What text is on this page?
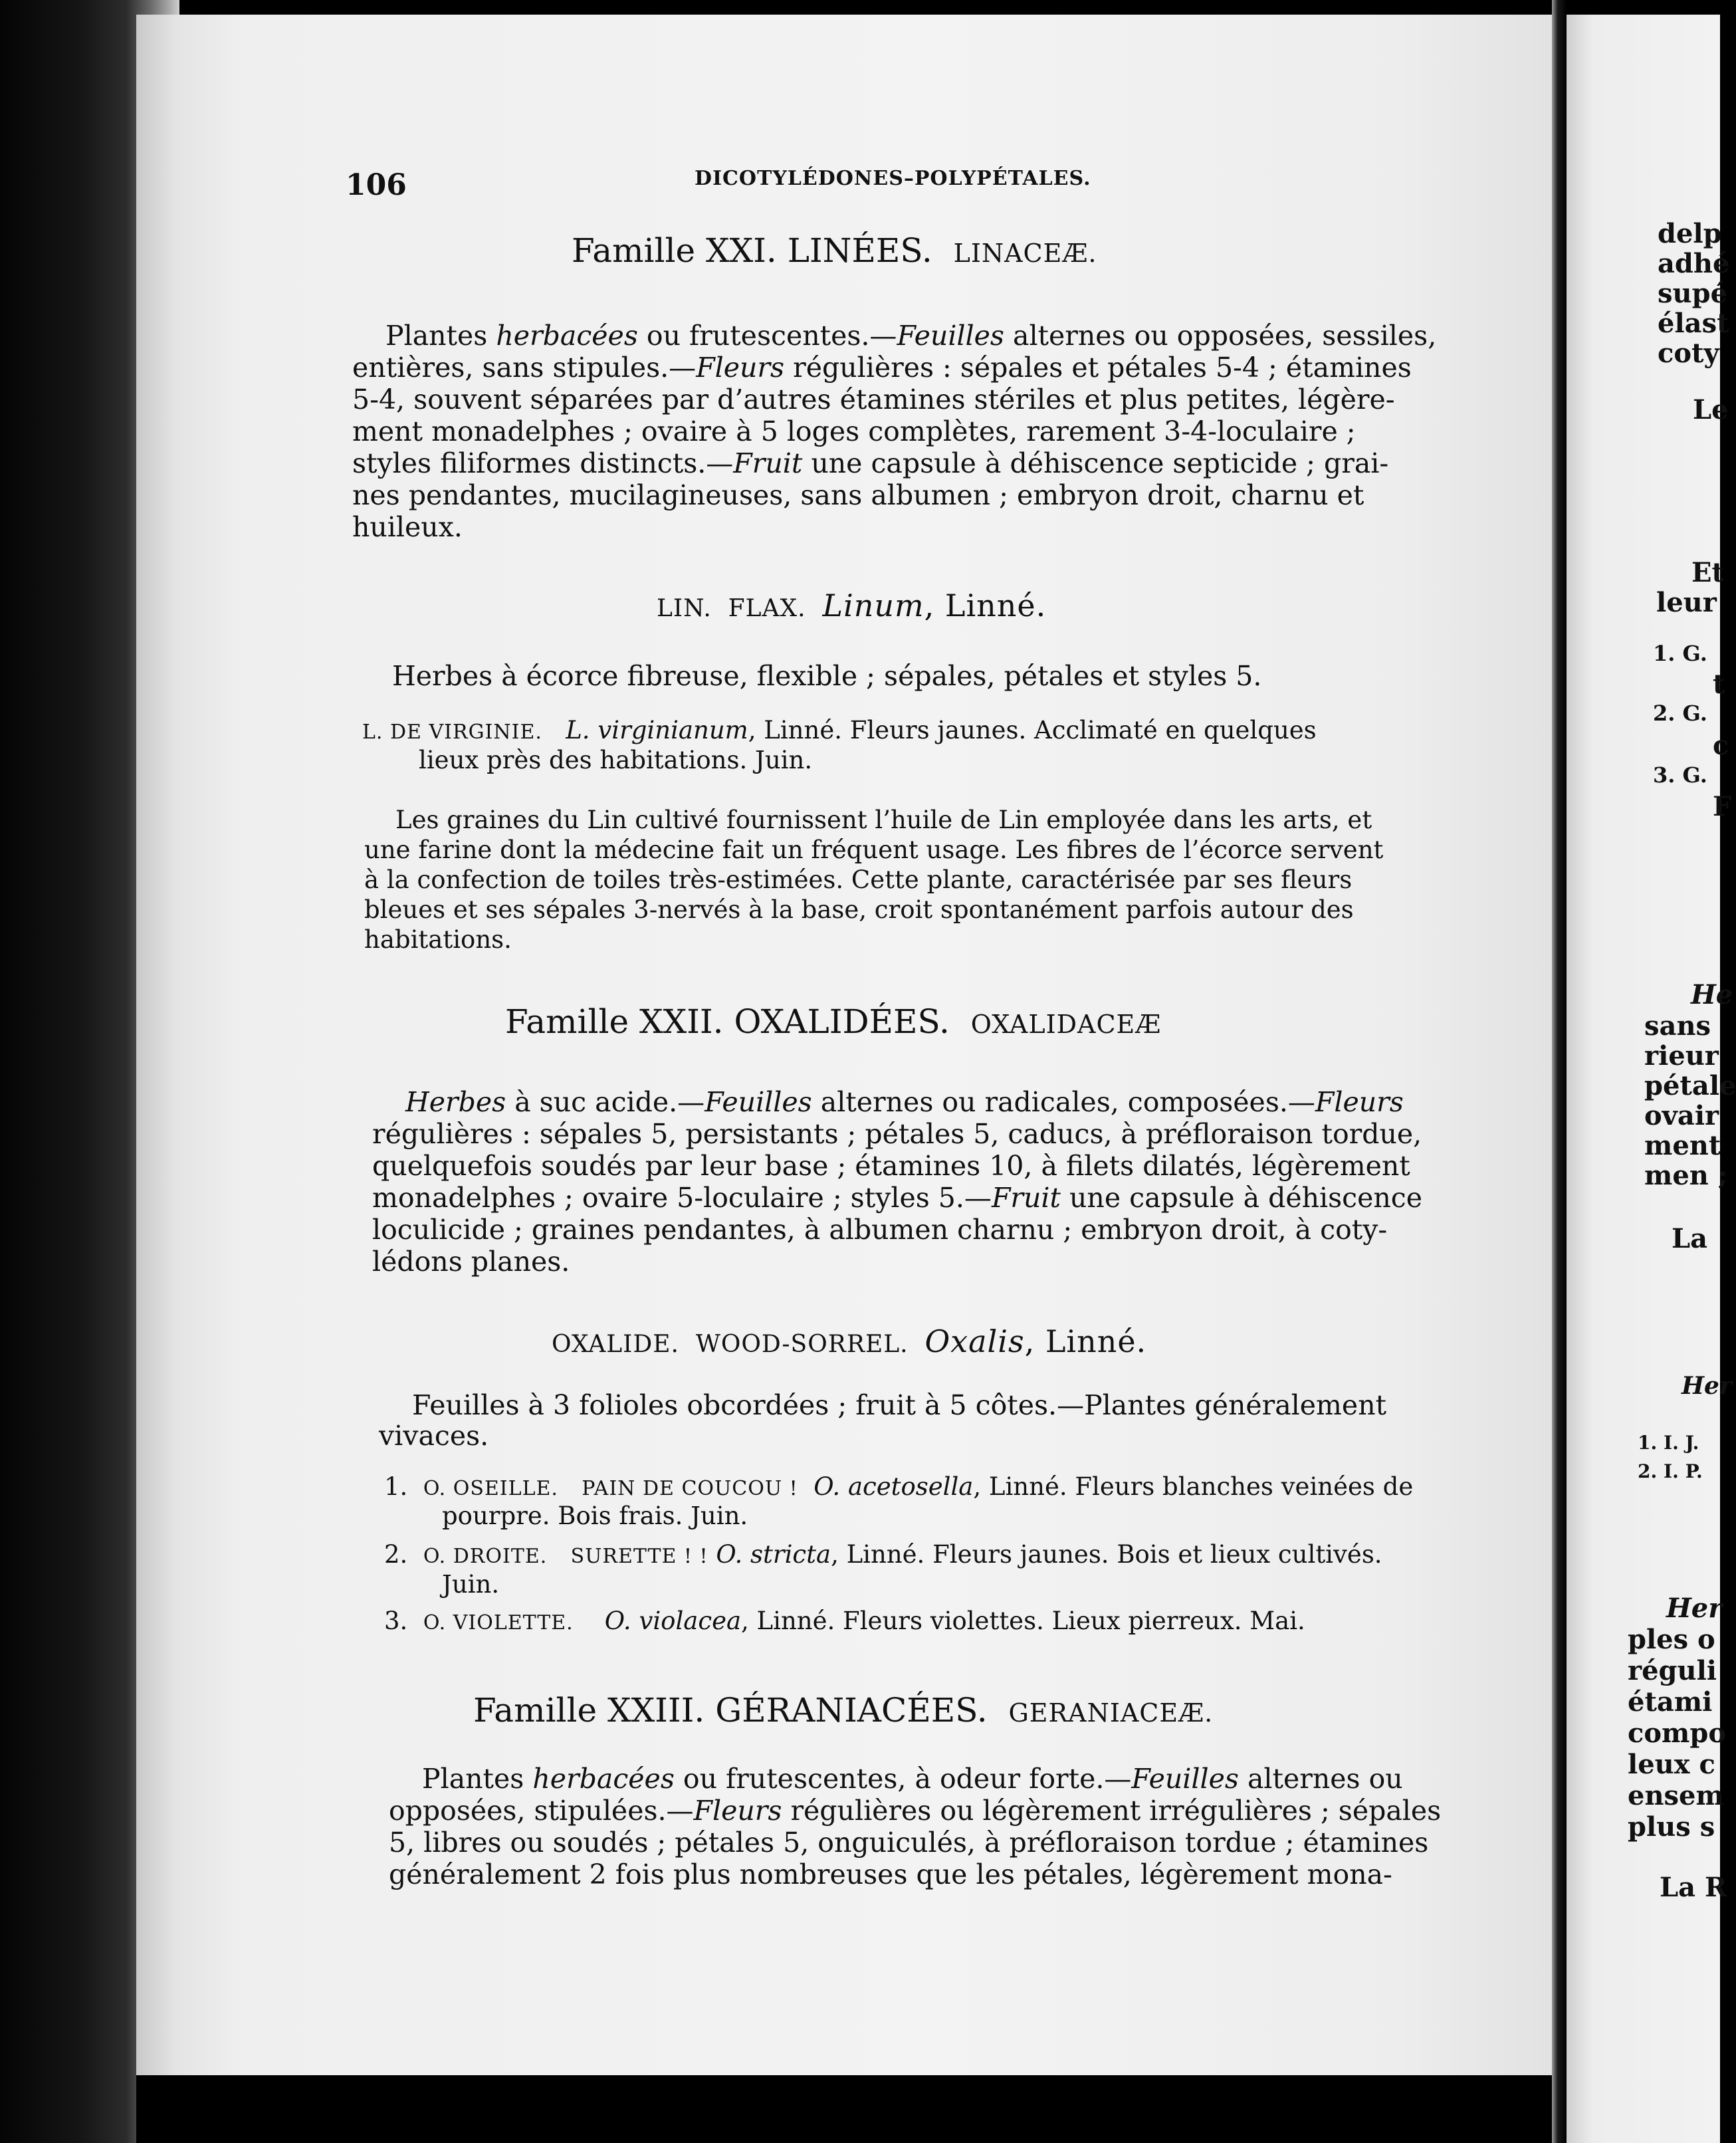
106	DICOTYLÉDONES–POLYPÉTALES.
Famille XXI. LINÉES. LINACEÆ.
Plantes herbacées ou frutescentes.—Feuilles alternes ou opposées, sessiles,
entières, sans stipules.—Fleurs régulières : sépales et pétales 5-4 ; étamines
5-4, souvent séparées par d’autres étamines stériles et plus petites, légère-
ment monadelphes ; ovaire à 5 loges complètes, rarement 3-4-loculaire ;
styles filiformes distincts.—Fruit une capsule à déhiscence septicide ; grai-
nes pendantes, mucilagineuses, sans albumen ; embryon droit, charnu et
huileux.
LIN. FLAX. Linum, Linné.
Herbes à écorce fibreuse, flexible ; sépales, pétales et styles 5.
L. DE VIRGINIE. L. virginianum, Linné. Fleurs jaunes. Acclimaté en quelques
lieux près des habitations. Juin.
Les graines du Lin cultivé fournissent l’huile de Lin employée dans les arts, et
une farine dont la médecine fait un fréquent usage. Les fibres de l’écorce servent
à la confection de toiles très-estimées. Cette plante, caractérisée par ses fleurs
bleues et ses sépales 3-nervés à la base, croit spontanément parfois autour des
habitations.
Famille XXII. OXALIDÉES. OXALIDACEÆ
Herbes à suc acide.—Feuilles alternes ou radicales, composées.—Fleurs
régulières : sépales 5, persistants ; pétales 5, caducs, à préfloraison tordue,
quelquefois soudés par leur base ; étamines 10, à filets dilatés, légèrement
monadelphes ; ovaire 5-loculaire ; styles 5.—Fruit une capsule à déhiscence
loculicide ; graines pendantes, à albumen charnu ; embryon droit, à coty-
lédons planes.
OXALIDE. WOOD-SORREL. Oxalis, Linné.
Feuilles à 3 folioles obcordées ; fruit à 5 côtes.—Plantes généralement
vivaces.
1. O. OSEILLE. PAIN DE COUCOU ! O. acetosella, Linné. Fleurs blanches veinées de
pourpre. Bois frais. Juin.
2. O. DROITE. SURETTE ! ! O. stricta, Linné. Fleurs jaunes. Bois et lieux cultivés.
Juin.
3. O. VIOLETTE. O. violacea, Linné. Fleurs violettes. Lieux pierreux. Mai.
Famille XXIII. GÉRANIACÉES. GERANIACEÆ.
Plantes herbacées ou frutescentes, à odeur forte.—Feuilles alternes ou
opposées, stipulées.—Fleurs régulières ou légèrement irrégulières ; sépales
5, libres ou soudés ; pétales 5, onguiculés, à préfloraison tordue ; étamines
généralement 2 fois plus nombreuses que les pétales, légèrement mona-
delp
adhé
supé
élast
coty
Le
Et
leur
1. G.
t
2. G.
c
3. G.
F
He
sans
rieur
pétale
ovair
ment
men ;
La
Her
1. I. J.
2. I. P.
Her
ples o
réguli
étami
compo
leux c
ensem
plus s
La R
